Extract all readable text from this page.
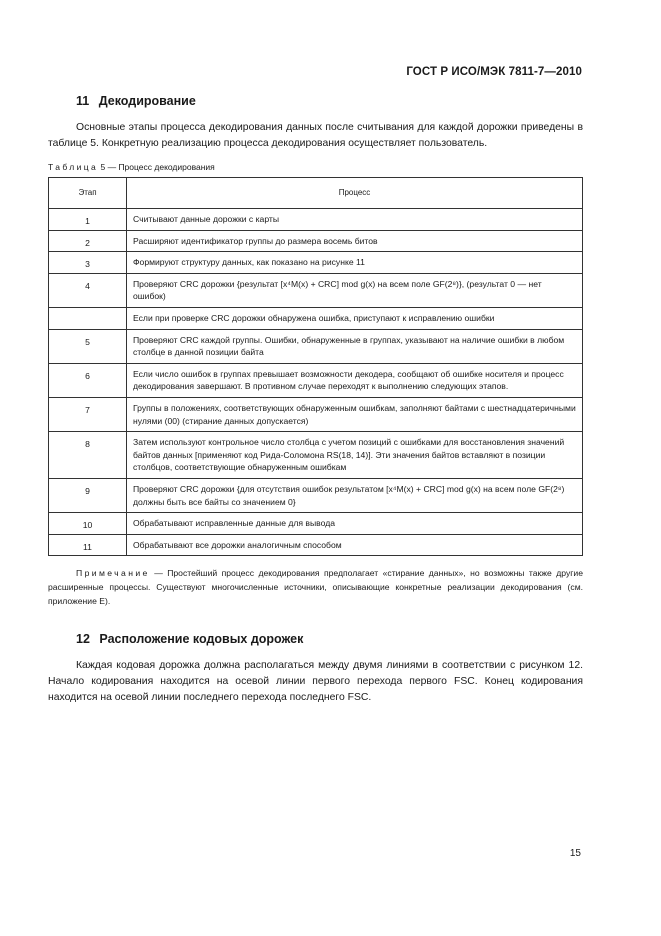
ГОСТ Р ИСО/МЭК 7811-7—2010
11 Декодирование
Основные этапы процесса декодирования данных после считывания для каждой дорожки приведены в таблице 5. Конкретную реализацию процесса декодирования осуществляет пользователь.
Таблица 5 — Процесс декодирования
Этап	Процесс
1	Считывают данные дорожки с карты
2	Расширяют идентификатор группы до размера восемь битов
3	Формируют структуру данных, как показано на рисунке 11
4	Проверяют CRC дорожки {результат [x⁴M(x) + CRC] mod g(x) на всем поле GF(2⁸)}, (результат 0 — нет ошибок)
	Если при проверке CRC дорожки обнаружена ошибка, приступают к исправлению ошибки
5	Проверяют CRC каждой группы. Ошибки, обнаруженные в группах, указывают на наличие ошибки в любом столбце в данной позиции байта
6	Если число ошибок в группах превышает возможности декодера, сообщают об ошибке носителя и процесс декодирования завершают. В противном случае переходят к выполнению следующих этапов.
7	Группы в положениях, соответствующих обнаруженным ошибкам, заполняют байтами с шестнадцатеричными нулями (00) (стирание данных допускается)
8	Затем используют контрольное число столбца с учетом позиций с ошибками для восстановления значений байтов данных [применяют код Рида-Соломона RS(18, 14)]. Эти значения байтов вставляют в позиции столбцов, соответствующие обнаруженным ошибкам
9	Проверяют CRC дорожки {для отсутствия ошибок результатом [x⁴M(x) + CRC] mod g(x) на всем поле GF(2⁸) должны быть все байты со значением 0}
10	Обрабатывают исправленные данные для вывода
11	Обрабатывают все дорожки аналогичным способом
Примечание — Простейший процесс декодирования предполагает «стирание данных», но возможны также другие расширенные процессы. Существуют многочисленные источники, описывающие конкретные реализации декодирования (см. приложение Е).
12 Расположение кодовых дорожек
Каждая кодовая дорожка должна располагаться между двумя линиями в соответствии с рисунком 12. Начало кодирования находится на осевой линии первого перехода первого FSC. Конец кодирования находится на осевой линии последнего перехода последнего FSC.
15
